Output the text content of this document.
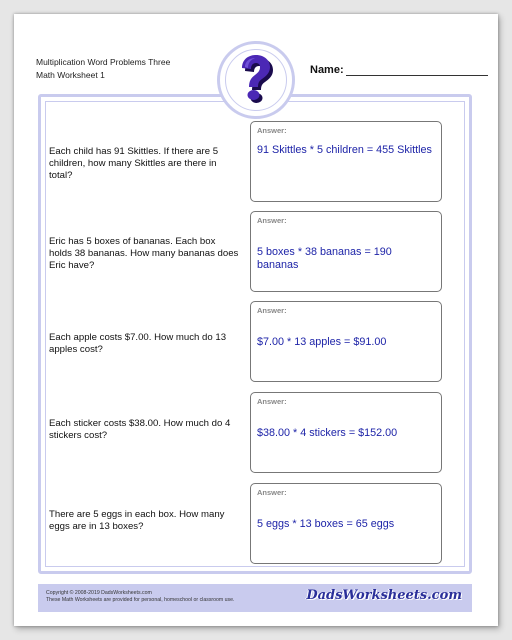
Multiplication Word Problems Three
Math Worksheet 1	Name:
Each child has 91 Skittles. If there are 5 children, how many Skittles are there in total?
Answer:
91 Skittles * 5 children = 455 Skittles
Eric has 5 boxes of bananas. Each box holds 38 bananas. How many bananas does Eric have?
Answer:
5 boxes * 38 bananas = 190 bananas
Each apple costs $7.00. How much do 13 apples cost?
Answer:
$7.00 * 13 apples = $91.00
Each sticker costs $38.00. How much do 4 stickers cost?
Answer:
$38.00 * 4 stickers = $152.00
There are 5 eggs in each box. How many eggs are in 13 boxes?
Answer:
5 eggs * 13 boxes = 65 eggs
Copyright © 2008-2019 DadsWorksheets.com
These Math Worksheets are provided for personal, homeschool or classroom use.	DadsWorksheets.com
